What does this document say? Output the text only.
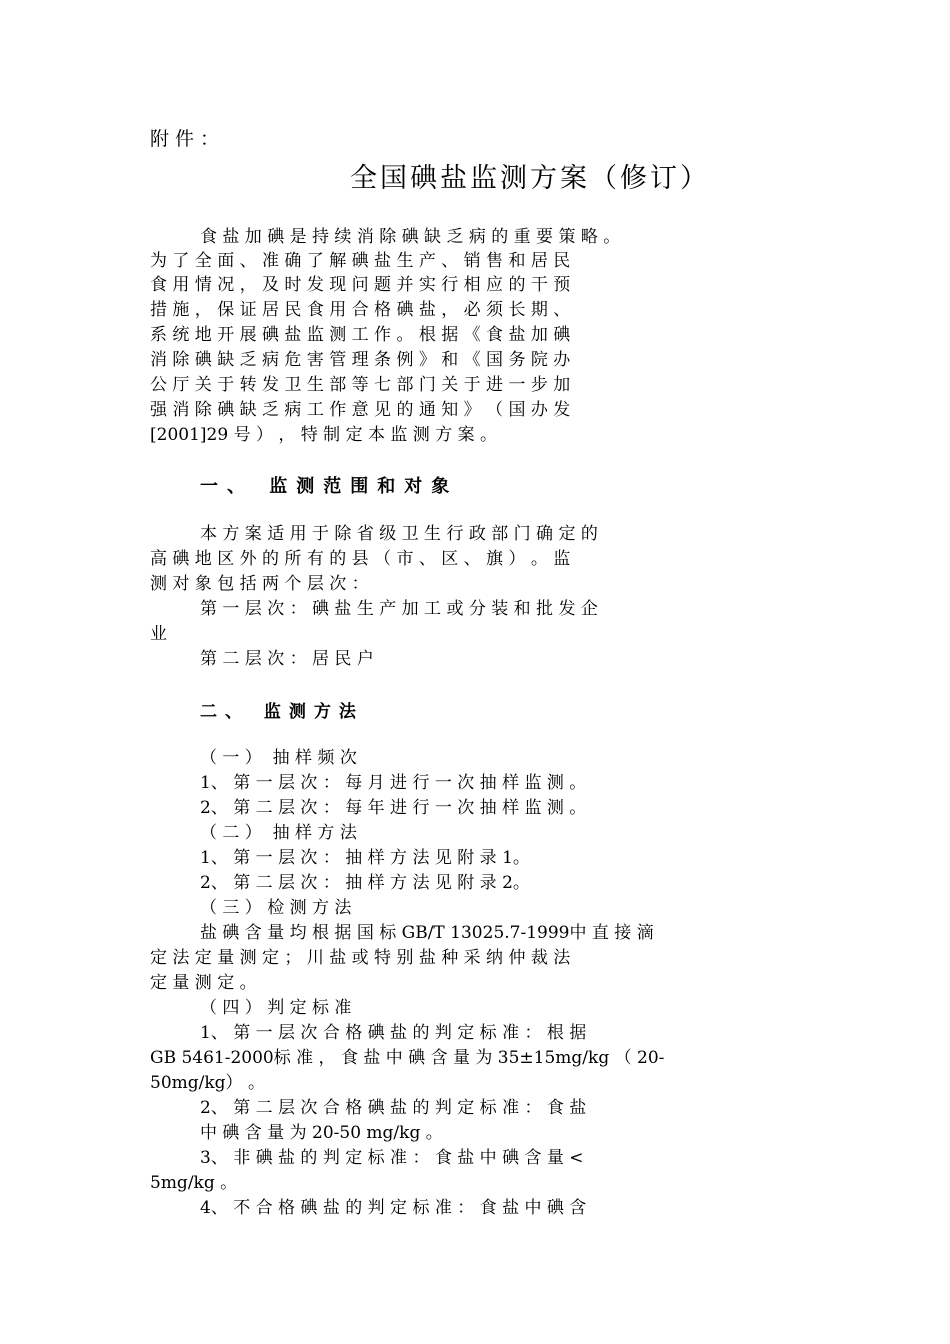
附件：
全国碘盐监测方案（修订）
食 盐 加 碘 是 持 续 消 除 碘 缺 乏 病 的 重 要 策 略 。
为 了 全 面 、 准 确 了 解 碘 盐 生 产 、 销 售 和 居 民
食 用 情 况 ， 及 时 发 现 问 题 并 实 行 相 应 的 干 预
措 施 ， 保 证 居 民 食 用 合 格 碘 盐 ， 必 须 长 期 、
系 统 地 开 展 碘 盐 监 测 工 作 。 根 据 《 食 盐 加 碘
消 除 碘 缺 乏 病 危 害 管 理 条 例 》 和 《 国 务 院 办
公 厅 关 于 转 发 卫 生 部 等 七 部 门 关 于 进 一 步 加
强 消 除 碘 缺 乏 病 工 作 意 见 的 通 知 》 （ 国 办 发
[2001]29 号 ） ， 特 制 定 本 监 测 方 案 。
一、 监测范围和对象
本 方 案 适 用 于 除 省 级 卫 生 行 政 部 门 确 定 的
高 碘 地 区 外 的 所 有 的 县 （ 市 、 区 、 旗 ） 。 监
测 对 象 包 括 两 个 层 次 ：
第 一 层 次 ： 碘 盐 生 产 加 工 或 分 装 和 批 发 企
业
第 二 层 次 ： 居 民 户
二、 监测方法
（ 一 ）  抽 样 频 次
1、 第 一 层 次 ： 每 月 进 行 一 次 抽 样 监 测 。
2、 第 二 层 次 ： 每 年 进 行 一 次 抽 样 监 测 。
（ 二 ）  抽 样 方 法
1、 第 一 层 次 ： 抽 样 方 法 见 附 录 1。
2、 第 二 层 次 ： 抽 样 方 法 见 附 录 2。
（ 三 ） 检 测 方 法
盐 碘 含 量 均 根 据 国 标 GB/T 13025.7-1999中 直 接 滴
定 法 定 量 测 定 ； 川 盐 或 特 别 盐 种 采 纳 仲 裁 法
定 量 测 定 。
（ 四 ） 判 定 标 准
1、 第 一 层 次 合 格 碘 盐 的 判 定 标 准 ： 根 据
GB 5461-2000标 准 ， 食 盐 中 碘 含 量 为 35±15mg/kg （ 20-
50mg/kg） 。
2、 第 二 层 次 合 格 碘 盐 的 判 定 标 准 ： 食 盐
中 碘 含 量 为 20-50 mg/kg 。
3、 非 碘 盐 的 判 定 标 准 ： 食 盐 中 碘 含 量 <
5mg/kg 。
4、 不 合 格 碘 盐 的 判 定 标 准 ： 食 盐 中 碘 含
